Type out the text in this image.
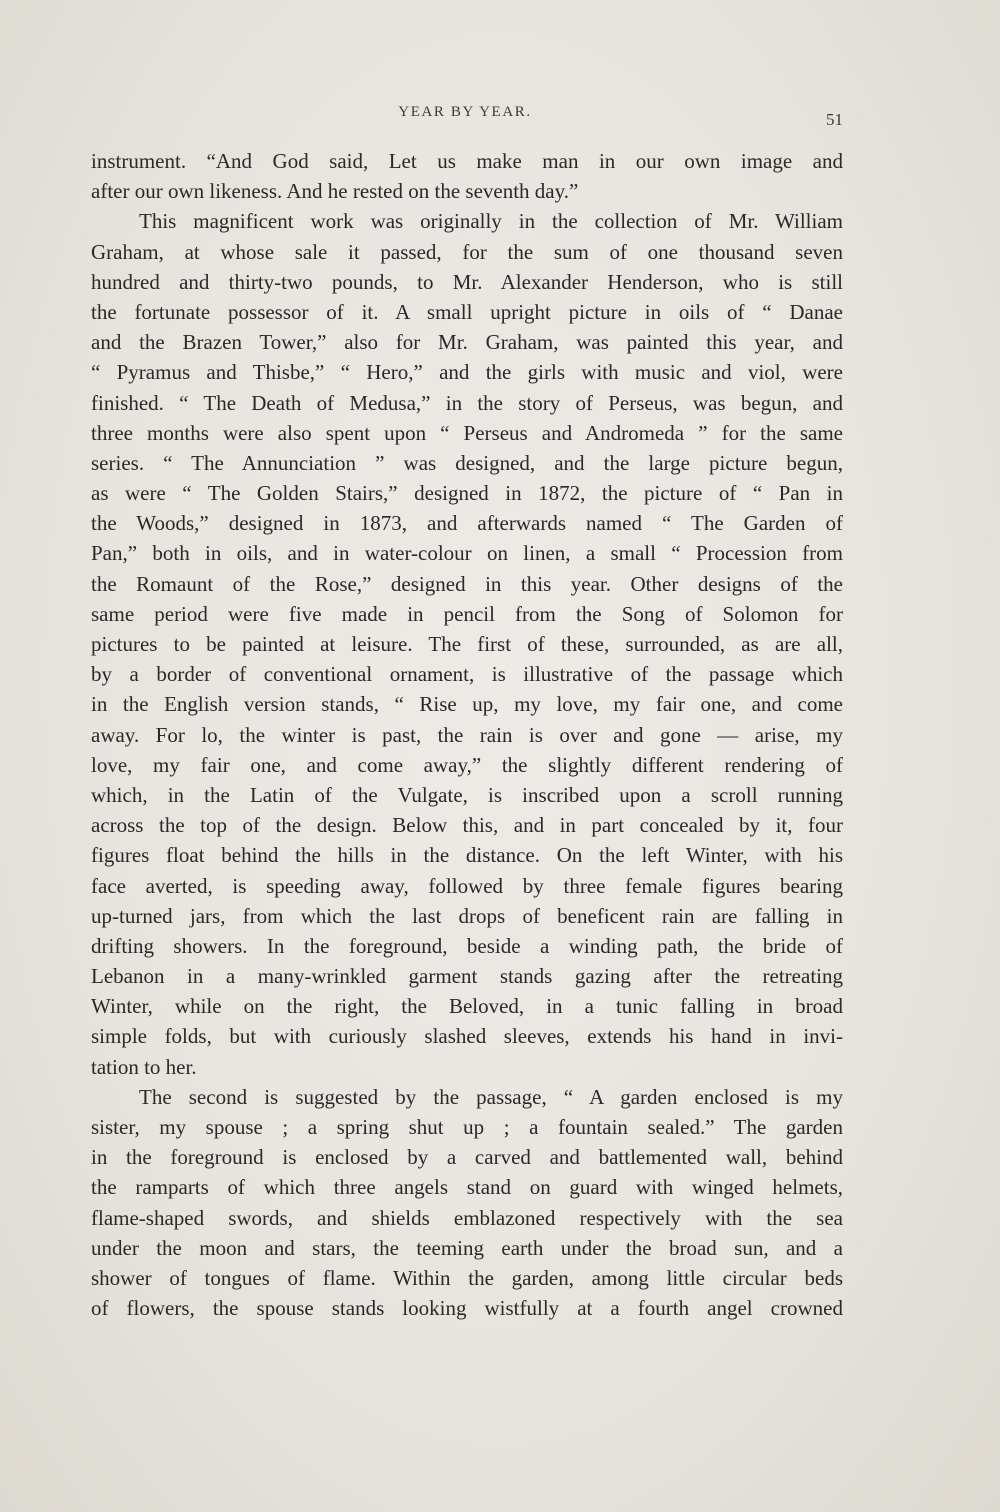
YEAR BY YEAR.	51
instrument. “And God said, Let us make man in our own image and
after our own likeness. And he rested on the seventh day.”
This magnificent work was originally in the collection of Mr. William
Graham, at whose sale it passed, for the sum of one thousand seven
hundred and thirty-two pounds, to Mr. Alexander Henderson, who is still
the fortunate possessor of it. A small upright picture in oils of “ Danae
and the Brazen Tower,” also for Mr. Graham, was painted this year, and
“ Pyramus and Thisbe,” “ Hero,” and the girls with music and viol, were
finished. “ The Death of Medusa,” in the story of Perseus, was begun, and
three months were also spent upon “ Perseus and Andromeda ” for the same
series. “ The Annunciation ” was designed, and the large picture begun,
as were “ The Golden Stairs,” designed in 1872, the picture of “ Pan in
the Woods,” designed in 1873, and afterwards named “ The Garden of
Pan,” both in oils, and in water-colour on linen, a small “ Procession from
the Romaunt of the Rose,” designed in this year. Other designs of the
same period were five made in pencil from the Song of Solomon for
pictures to be painted at leisure. The first of these, surrounded, as are all,
by a border of conventional ornament, is illustrative of the passage which
in the English version stands, “ Rise up, my love, my fair one, and come
away. For lo, the winter is past, the rain is over and gone — arise, my
love, my fair one, and come away,” the slightly different rendering of
which, in the Latin of the Vulgate, is inscribed upon a scroll running
across the top of the design. Below this, and in part concealed by it, four
figures float behind the hills in the distance. On the left Winter, with his
face averted, is speeding away, followed by three female figures bearing
up-turned jars, from which the last drops of beneficent rain are falling in
drifting showers. In the foreground, beside a winding path, the bride of
Lebanon in a many-wrinkled garment stands gazing after the retreating
Winter, while on the right, the Beloved, in a tunic falling in broad
simple folds, but with curiously slashed sleeves, extends his hand in invi-
tation to her.
The second is suggested by the passage, “ A garden enclosed is my
sister, my spouse ; a spring shut up ; a fountain sealed.” The garden
in the foreground is enclosed by a carved and battlemented wall, behind
the ramparts of which three angels stand on guard with winged helmets,
flame-shaped swords, and shields emblazoned respectively with the sea
under the moon and stars, the teeming earth under the broad sun, and a
shower of tongues of flame. Within the garden, among little circular beds
of flowers, the spouse stands looking wistfully at a fourth angel crowned
